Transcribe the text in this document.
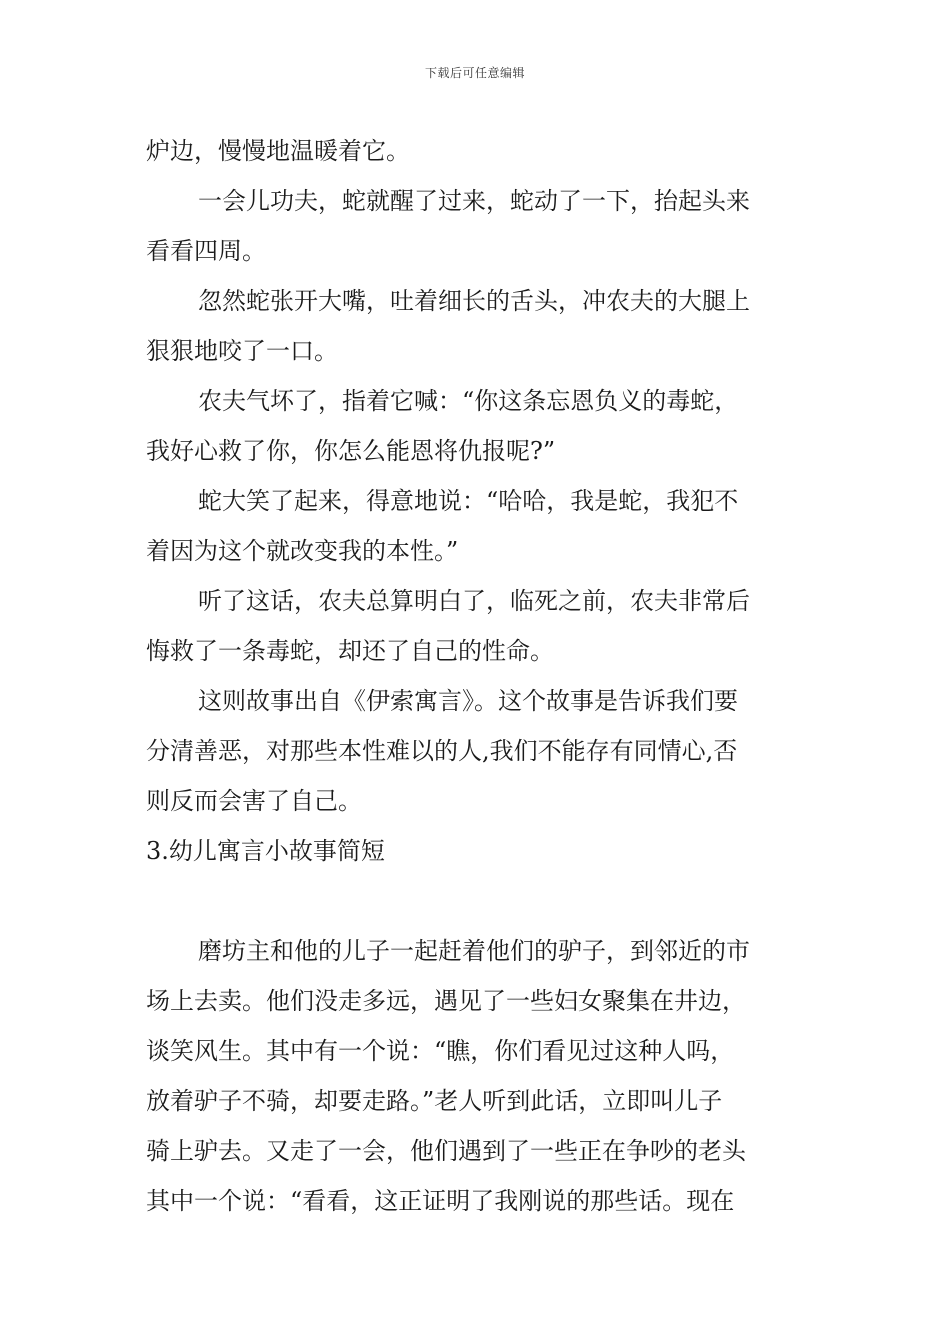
下载后可任意编辑
炉边，慢慢地温暖着它。
一会儿功夫，蛇就醒了过来，蛇动了一下，抬起头来
看看四周。
忽然蛇张开大嘴，吐着细长的舌头，冲农夫的大腿上
狠狠地咬了一口。
农夫气坏了，指着它喊：“你这条忘恩负义的毒蛇，
我好心救了你，你怎么能恩将仇报呢?”
蛇大笑了起来，得意地说：“哈哈，我是蛇，我犯不
着因为这个就改变我的本性。”
听了这话，农夫总算明白了，临死之前，农夫非常后
悔救了一条毒蛇，却还了自己的性命。
这则故事出自《伊索寓言》。这个故事是告诉我们要
分清善恶，对那些本性难以的人,我们不能存有同情心,否
则反而会害了自己。
3.幼儿寓言小故事简短
磨坊主和他的儿子一起赶着他们的驴子，到邻近的市
场上去卖。他们没走多远，遇见了一些妇女聚集在井边，
谈笑风生。其中有一个说：“瞧，你们看见过这种人吗，
放着驴子不骑，却要走路。”老人听到此话，立即叫儿子
骑上驴去。又走了一会，他们遇到了一些正在争吵的老头
其中一个说：“看看，这正证明了我刚说的那些话。现在
